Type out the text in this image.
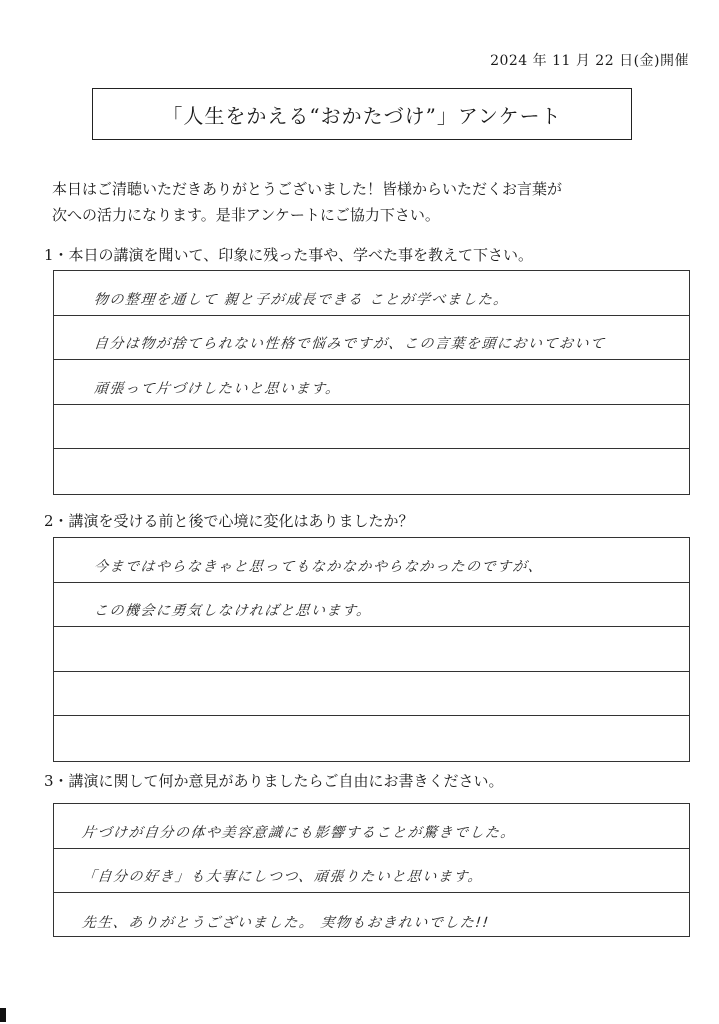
2024 年 11 月 22 日(金)開催
「人生をかえる“おかたづけ”」アンケート
本日はご清聴いただきありがとうございました！皆様からいただくお言葉が
次への活力になります。是非アンケートにご協力下さい。
1・本日の講演を聞いて、印象に残った事や、学べた事を教えて下さい。
物の整理を通して 親と子が成長できる ことが学べました。
自分は物が捨てられない性格で悩みですが、この言葉を頭においておいて
頑張って片づけしたいと思います。
2・講演を受ける前と後で心境に変化はありましたか？
今まではやらなきゃと思ってもなかなかやらなかったのですが、
この機会に勇気しなければと思います。
3・講演に関して何か意見がありましたらご自由にお書きください。
片づけが自分の体や美容意識にも影響することが驚きでした。
「自分の好き」も大事にしつつ、頑張りたいと思います。
先生、ありがとうございました。 実物もおきれいでした!!
